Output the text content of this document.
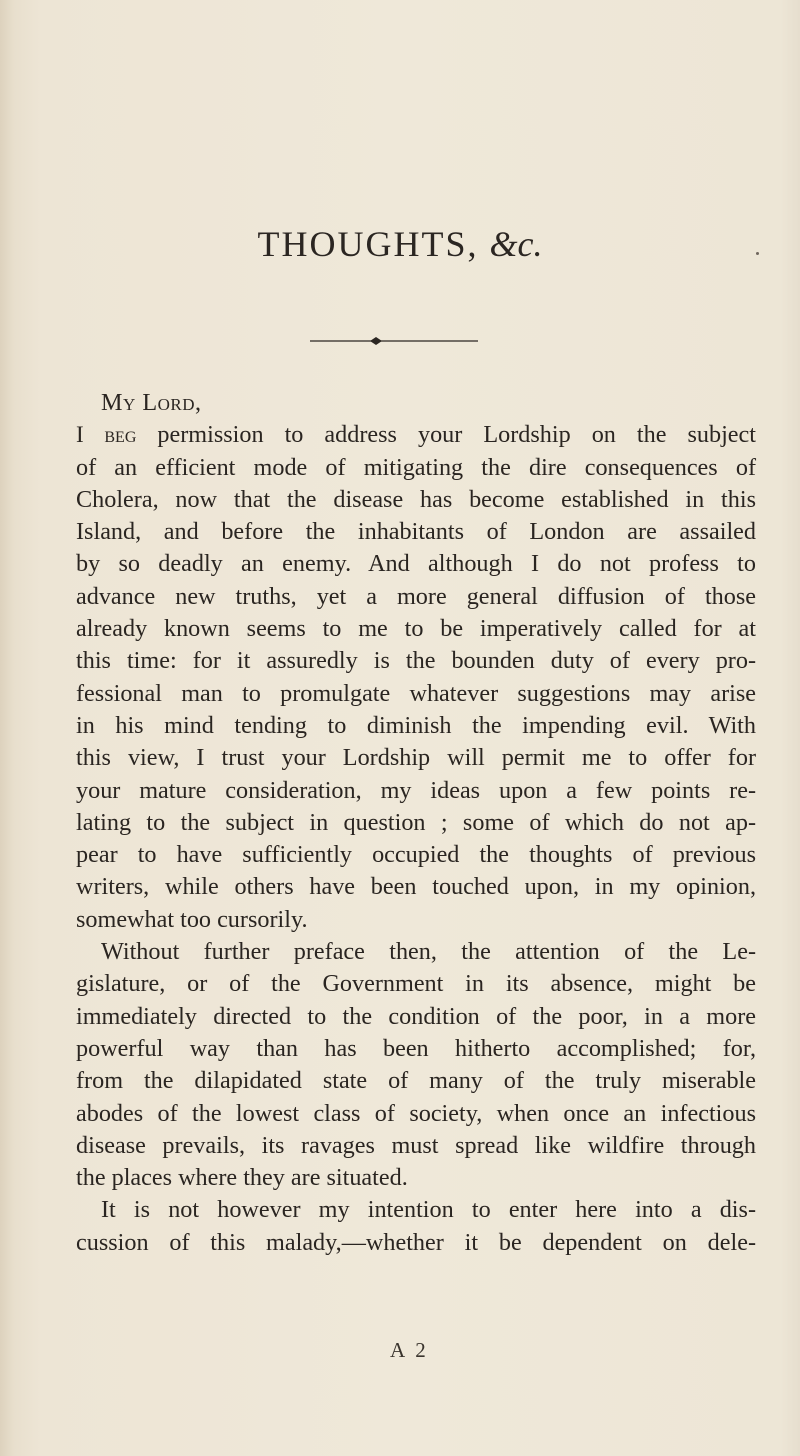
THOUGHTS, &c.
My Lord,
I beg permission to address your Lordship on the subject
of an efficient mode of mitigating the dire consequences of
Cholera, now that the disease has become established in this
Island, and before the inhabitants of London are assailed
by so deadly an enemy. And although I do not profess to
advance new truths, yet a more general diffusion of those
already known seems to me to be imperatively called for at
this time: for it assuredly is the bounden duty of every pro-
fessional man to promulgate whatever suggestions may arise
in his mind tending to diminish the impending evil. With
this view, I trust your Lordship will permit me to offer for
your mature consideration, my ideas upon a few points re-
lating to the subject in question ; some of which do not ap-
pear to have sufficiently occupied the thoughts of previous
writers, while others have been touched upon, in my opinion,
somewhat too cursorily.
Without further preface then, the attention of the Le-
gislature, or of the Government in its absence, might be
immediately directed to the condition of the poor, in a more
powerful way than has been hitherto accomplished; for,
from the dilapidated state of many of the truly miserable
abodes of the lowest class of society, when once an infectious
disease prevails, its ravages must spread like wildfire through
the places where they are situated.
It is not however my intention to enter here into a dis-
cussion of this malady,—whether it be dependent on dele-
A 2
